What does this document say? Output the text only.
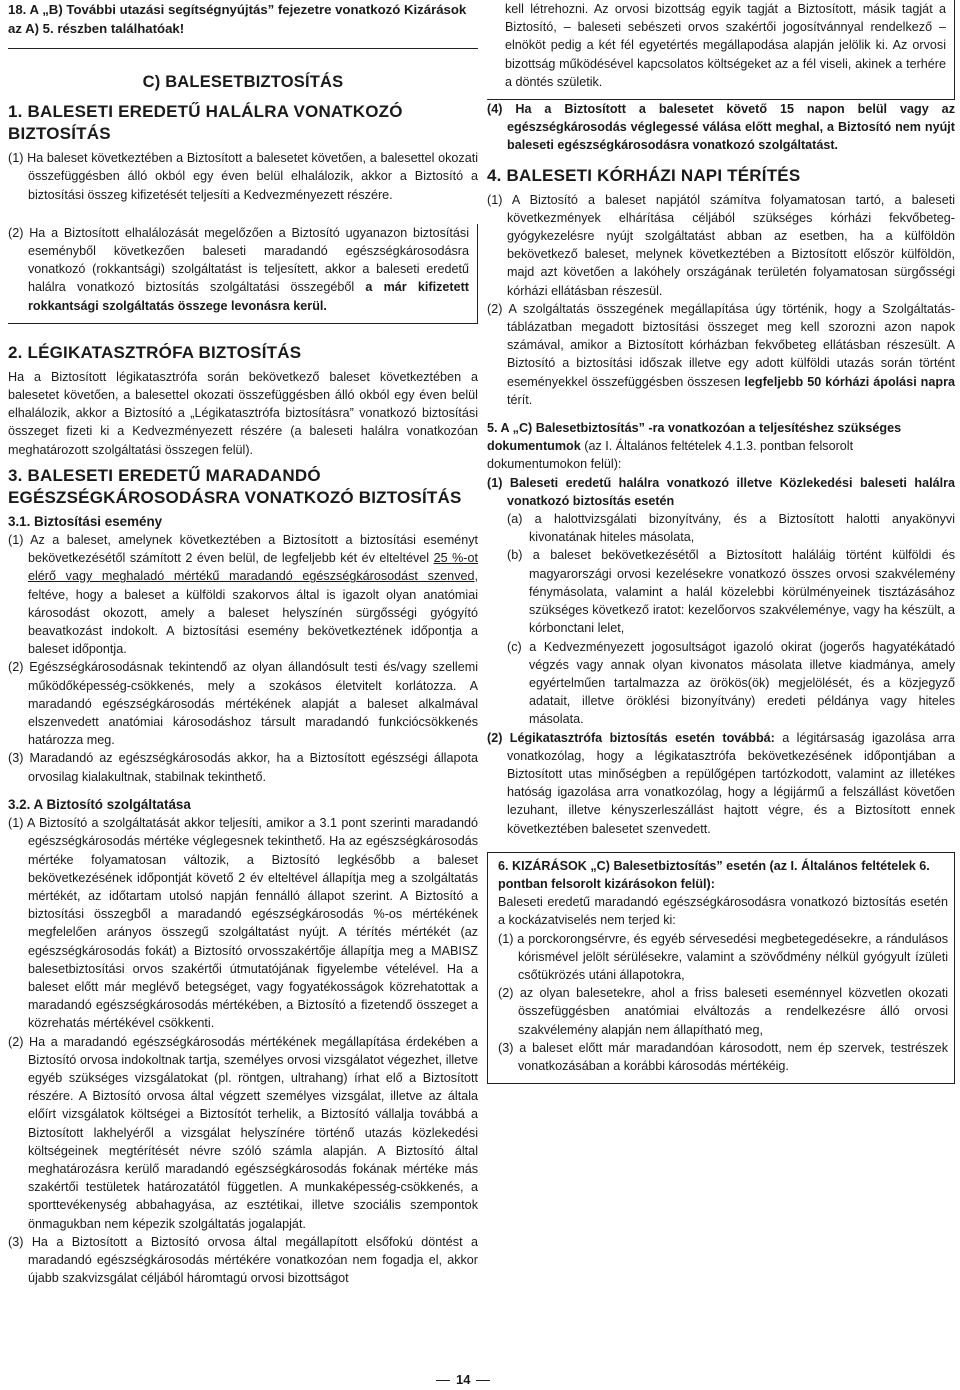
18. A „B) További utazási segítségnyújtás” fejezetre vonatkozó Kizárások az A) 5. részben találhatóak!

C) BALESETBIZTOSÍTÁS
1. BALESETI EREDETŰ HALÁLRA VONATKOZÓ BIZTOSÍTÁS

(1) Ha baleset következtében a Biztosított a balesetet követően, a balesettel okozati összefüggésben álló okból egy éven belül elhalálozik, akkor a Biztosító a biztosítási összeg kifizetését teljesíti a Kedvezményezett részére.

(2) Ha a Biztosított elhalálozását megelőzően a Biztosító ugyanazon biztosítási eseményből következően baleseti maradandó egészségkárosodásra vonatkozó (rokkantsági) szolgáltatást is teljesített, akkor a baleseti eredetű halálra vonatkozó biztosítás szolgáltatási összegéből a már kifizetett rokkantsági szolgáltatás összege levonásra kerül.

2. LÉGIKATASZTRÓFA BIZTOSÍTÁS

Ha a Biztosított légikatasztrófa során bekövetkező baleset következtében a balesetet követően, a balesettel okozati összefüggésben álló okból egy éven belül elhalálozik, akkor a Biztosító a „Légikatasztrófa biztosításra” vonatkozó biztosítási összeget fizeti ki a Kedvezményezett részére (a baleseti halálra vonatkozóan meghatározott szolgáltatási összegen felül).

3. BALESETI EREDETŰ MARADANDÓ EGÉSZSÉGKÁROSODÁSRA VONATKOZÓ BIZTOSÍTÁS
3.1. Biztosítási esemény

(1) Az a baleset, amelynek következtében a Biztosított a biztosítási eseményt bekövetkezésétől számított 2 éven belül, de legfeljebb két év elteltével 25 %-ot elérő vagy meghaladó mértékű maradandó egészségkárosodást szenved, feltéve, hogy a baleset a külföldi szakorvos által is igazolt olyan anatómiai károsodást okozott, amely a baleset helyszínén sürgősségi gyógyító beavatkozást indokolt. A biztosítási esemény bekövetkeztének időpontja a baleset időpontja.

(2) Egészségkárosodásnak tekintendő az olyan állandósult testi és/vagy szellemi működőképesség-csökkenés, mely a szokásos életvitelt korlátozza. A maradandó egészségkárosodás mértékének alapját a baleset alkalmával elszenvedett anatómiai károsodáshoz társult maradandó funkciócsökkenés határozza meg.

(3) Maradandó az egészségkárosodás akkor, ha a Biztosított egészségi állapota orvosilag kialakultnak, stabilnak tekinthető.

3.2. A Biztosító szolgáltatása

(1) A Biztosító a szolgáltatását akkor teljesíti, amikor a 3.1 pont szerinti maradandó egészségkárosodás mértéke véglegesnek tekinthető. Ha az egészségkárosodás mértéke folyamatosan változik, a Biztosító legkésőbb a baleset bekövetkezésének időpontját követő 2 év elteltével állapítja meg a szolgáltatás mértékét, az időtartam utolsó napján fennálló állapot szerint. A Biztosító a biztosítási összegből a maradandó egészségkárosodás %-os mértékének megfelelően arányos összegű szolgáltatást nyújt. A térítés mértékét (az egészségkárosodás fokát) a Biztosító orvosszakértője állapítja meg a MABISZ balesetbiztosítási orvos szakértői útmutatójának figyelembe vételével. Ha a baleset előtt már meglévő betegséget, vagy fogyatékosságok közrehatottak a maradandó egészségkárosodás mértékében, a Biztosító a fizetendő összeget a közrehatás mértékével csökkenti.

(2) Ha a maradandó egészségkárosodás mértékének megállapítása érdekében a Biztosító orvosa indokoltnak tartja, személyes orvosi vizsgálatot végezhet, illetve egyéb szükséges vizsgálatokat (pl. röntgen, ultrahang) írhat elő a Biztosított részére. A Biztosító orvosa által végzett személyes vizsgálat, illetve az általa előírt vizsgálatok költségei a Biztosítót terhelik, a Biztosító vállalja továbbá a Biztosított lakhelyéről a vizsgálat helyszínére történő utazás közlekedési költségeinek megtérítését névre szóló számla alapján. A Biztosító által meghatározásra kerülő maradandó egészségkárosodás fokának mértéke más szakértői testületek határozatától független. A munkaképesség-csökkenés, a sporttevékenység abbahagyása, az esztétikai, illetve szociális szempontok önmagukban nem képezik szolgáltatás jogalapját.

(3) Ha a Biztosított a Biztosító orvosa által megállapított elsőfokú döntést a maradandó egészségkárosodás mértékére vonatkozóan nem fogadja el, akkor újabb szakvizsgálat céljából háromtagú orvosi bizottságot

kell létrehozni. Az orvosi bizottság egyik tagját a Biztosított, másik tagját a Biztosító, – baleseti sebészeti orvos szakértői jogosítvánnyal rendelkező – elnököt pedig a két fél egyetértés megállapodása alapján jelölik ki. Az orvosi bizottság működésével kapcsolatos költségeket az a fél viseli, akinek a terhére a döntés születik.

(4) Ha a Biztosított a balesetet követő 15 napon belül vagy az egészségkárosodás véglegessé válása előtt meghal, a Biztosító nem nyújt baleseti egészségkárosodásra vonatkozó szolgáltatást.

4. BALESETI KÓRHÁZI NAPI TÉRÍTÉS

(1) A Biztosító a baleset napjától számítva folyamatosan tartó, a baleseti következmények elhárítása céljából szükséges kórházi fekvőbeteg-gyógykezelésre nyújt szolgáltatást abban az esetben, ha a külföldön bekövetkező baleset, melynek következtében a Biztosított először külföldön, majd azt követően a lakóhely országának területén folyamatosan sürgősségi kórházi ellátásban részesül.

(2) A szolgáltatás összegének megállapítása úgy történik, hogy a Szolgáltatás-táblázatban megadott biztosítási összeget meg kell szorozni azon napok számával, amikor a Biztosított kórházban fekvőbeteg ellátásban részesült. A Biztosító a biztosítási időszak illetve egy adott külföldi utazás során történt eseményekkel összefüggésben összesen legfeljebb 50 kórházi ápolási napra térít.

5. A „C) Balesetbiztosítás” -ra vonatkozóan a teljesítéshez szükséges dokumentumok (az I. Általános feltételek 4.1.3. pontban felsorolt dokumentumokon felül):

(1) Baleseti eredetű halálra vonatkozó illetve Közlekedési baleseti halálra vonatkozó biztosítás esetén

(a) a halottvizsgálati bizonyítvány, és a Biztosított halotti anyakönyvi kivonatának hiteles másolata,

(b) a baleset bekövetkezésétől a Biztosított haláláig történt külföldi és magyarországi orvosi kezelésekre vonatkozó összes orvosi szakvélemény fénymásolata, valamint a halál közelebbi körülményeinek tisztázásához szükséges következő iratot: kezelőorvos szakvéleménye, vagy ha készült, a kórbonctani lelet,

(c) a Kedvezményezett jogosultságot igazoló okirat (jogerős hagyatékátadó végzés vagy annak olyan kivonatos másolata illetve kiadmánya, amely egyértelműen tartalmazza az örökös(ök) megjelölését, és a közjegyző adatait, illetve öröklési bizonyítvány) eredeti példánya vagy hiteles másolata.

(2) Légikatasztrófa biztosítás esetén továbbá: a légitársaság igazolása arra vonatkozólag, hogy a légikatasztrófa bekövetkezésének időpontjában a Biztosított utas minőségben a repülőgépen tartózkodott, valamint az illetékes hatóság igazolása arra vonatkozólag, hogy a légijármű a felszállást követően lezuhant, illetve kényszerleszállást hajtott végre, és a Biztosított ennek következtében balesetet szenvedett.

6. KIZÁRÁSOK „C) Balesetbiztosítás” esetén (az I. Általános feltételek 6. pontban felsorolt kizárásokon felül):

Baleseti eredetű maradandó egészségkárosodásra vonatkozó biztosítás esetén a kockázatviselés nem terjed ki:

(1) a porckorongsérvre, és egyéb sérvesedési megbetegedésekre, a rándulásos kórismével jelölt sérülésekre, valamint a szövődmény nélkül gyógyult ízületi csőtükrözés utáni állapotokra,

(2) az olyan balesetekre, ahol a friss baleseti eseménnyel közvetlen okozati összefüggésben anatómiai elváltozás a rendelkezésre álló orvosi szakvélemény alapján nem állapítható meg,

(3) a baleset előtt már maradandóan károsodott, nem ép szervek, testrészek vonatkozásában a korábbi károsodás mértékéig.

14
